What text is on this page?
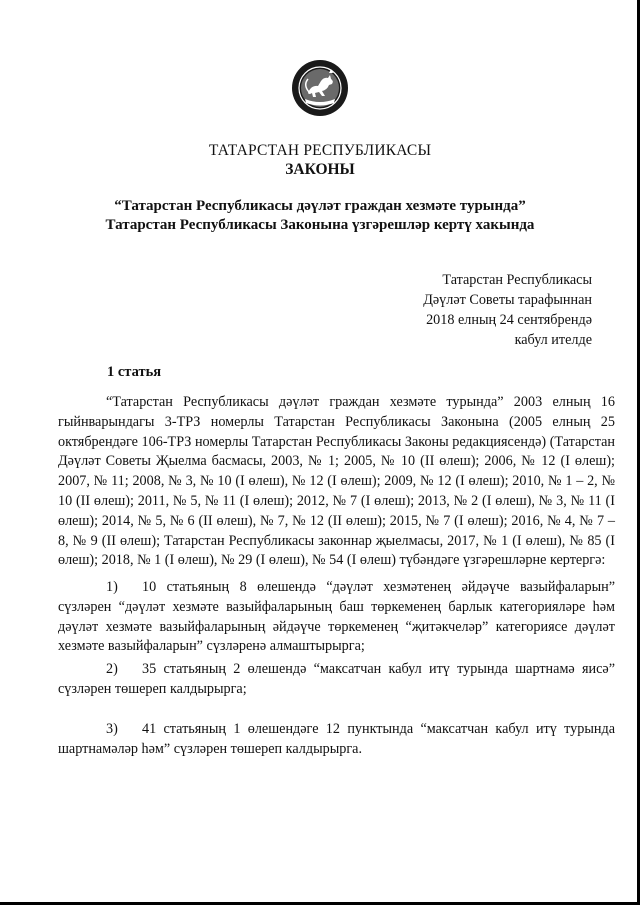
ТАТАРСТАН РЕСПУБЛИКАСЫ
ЗАКОНЫ
“Татарстан Республикасы дәүләт граждан хезмәте турында”
Татарстан Республикасы Законына үзгәрешләр кертү хакында
Татарстан Республикасы
Дәүләт Советы тарафыннан
2018 елның 24 сентябрендә
кабул ителде
1 статья

“Татарстан Республикасы дәүләт граждан хезмәте турында” 2003 елның 16 гыйнварындагы 3-ТРЗ номерлы Татарстан Республикасы Законына (2005 елның 25 октябрендәге 106-ТРЗ номерлы Татарстан Республикасы Законы редакциясендә) (Татарстан Дәүләт Советы Җыелма басмасы, 2003, № 1; 2005, № 10 (II өлеш); 2006, № 12 (I өлеш); 2007, № 11; 2008, № 3, № 10 (I өлеш), № 12 (I өлеш); 2009, № 12 (I өлеш); 2010, № 1 – 2, № 10 (II өлеш); 2011, № 5, № 11 (I өлеш); 2012, № 7 (I өлеш); 2013, № 2 (I өлеш), № 3, № 11 (I өлеш); 2014, № 5, № 6 (II өлеш), № 7, № 12 (II өлеш); 2015, № 7 (I өлеш); 2016, № 4, № 7 – 8, № 9 (II өлеш); Татарстан Республикасы законнар җыелмасы, 2017, № 1 (I өлеш), № 85 (I өлеш); 2018, № 1 (I өлеш), № 29 (I өлеш), № 54 (I өлеш) түбәндәге үзгәрешләрне кертергә:

1) 10 статьяның 8 өлешендә “дәүләт хезмәтенең әйдәүче вазыйфаларын” сүзләрен “дәүләт хезмәте вазыйфаларының баш төркеменең барлык категорияләре һәм дәүләт хезмәте вазыйфаларының әйдәүче төркеменең “җитәкчеләр” категориясе дәүләт хезмәте вазыйфаларын” сүзләренә алмаштырырга;

2) 35 статьяның 2 өлешендә “максатчан кабул итү турында шартнамә яисә” сүзләрен төшереп калдырырга;

3) 41 статьяның 1 өлешендәге 12 пунктында “максатчан кабул итү турында шартнамәләр һәм” сүзләрен төшереп калдырырга.
